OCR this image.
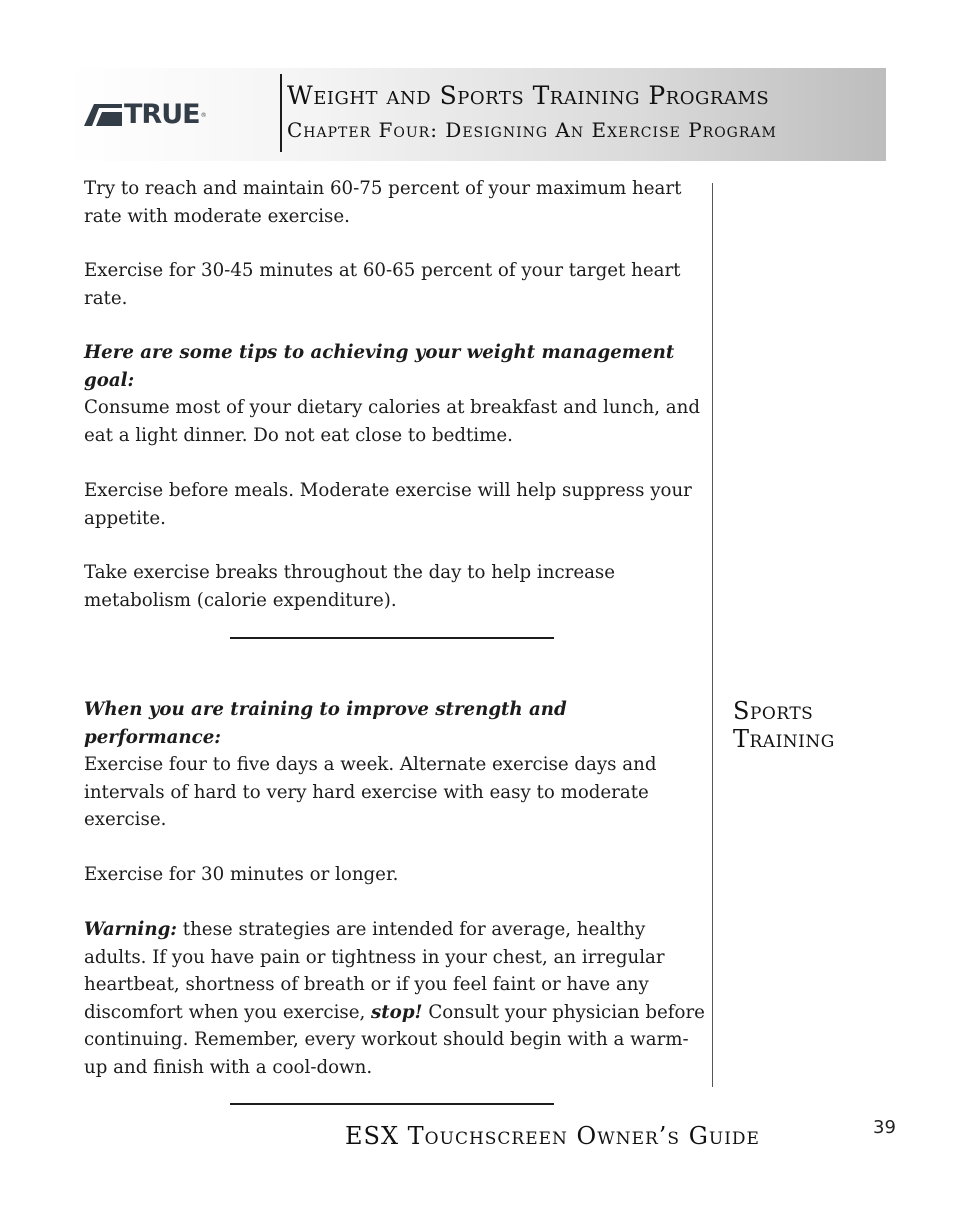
TRUE ®
Weight and Sports Training Programs
Chapter Four: Designing An Exercise Program

Try to reach and maintain 60-75 percent of your maximum heart rate with moderate exercise.

Exercise for 30-45 minutes at 60-65 percent of your target heart rate.

Here are some tips to achieving your weight management goal:

Consume most of your dietary calories at breakfast and lunch, and eat a light dinner. Do not eat close to bedtime.

Exercise before meals. Moderate exercise will help suppress your appetite.

Take exercise breaks throughout the day to help increase metabolism (calorie expenditure).

When you are training to improve strength and performance:

Exercise four to five days a week. Alternate exercise days and intervals of hard to very hard exercise with easy to moderate exercise.

Exercise for 30 minutes or longer.

Warning: these strategies are intended for average, healthy adults. If you have pain or tightness in your chest, an irregular heartbeat, shortness of breath or if you feel faint or have any discomfort when you exercise, stop! Consult your physician before continuing. Remember, every workout should begin with a warm-up and finish with a cool-down.

Sports
Training

ESX Touchscreen Owner’s Guide	39
